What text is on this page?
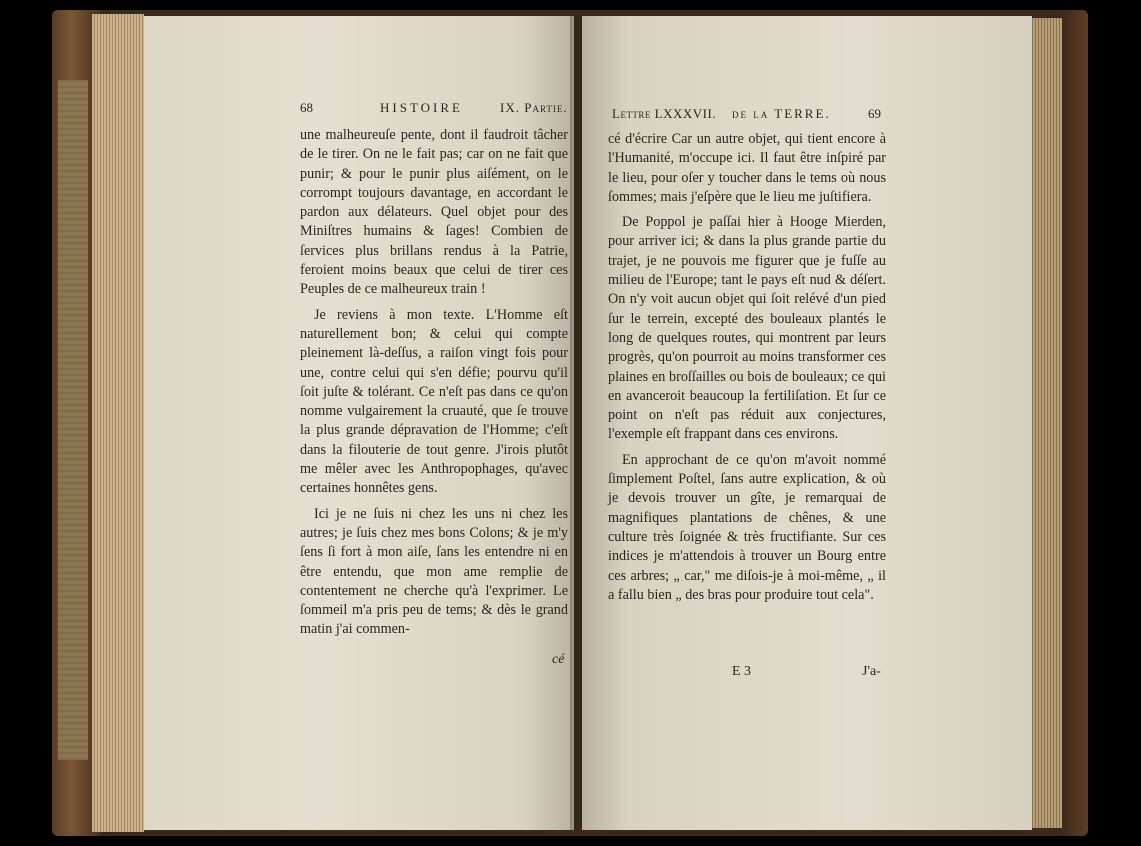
68	HISTOIRE	IX. Partie.

une malheureuſe pente, dont il faudroit tâcher de le tirer. On ne le fait pas; car on ne fait que punir; & pour le punir plus aiſément, on le corrompt toujours davantage, en accordant le pardon aux délateurs. Quel objet pour des Miniſtres humains & ſages! Combien de ſervices plus brillans rendus à la Patrie, feroient moins beaux que celui de tirer ces Peuples de ce malheureux train !

Je reviens à mon texte. L'Homme eſt naturellement bon; & celui qui compte pleinement là-deſſus, a raiſon vingt fois pour une, contre celui qui s'en défie; pourvu qu'il ſoit juſte & tolérant. Ce n'eſt pas dans ce qu'on nomme vulgairement la cruauté, que ſe trouve la plus grande dépravation de l'Homme; c'eſt dans la filouterie de tout genre. J'irois plutôt me mêler avec les Anthropophages, qu'avec certaines honnêtes gens.

Ici je ne ſuis ni chez les uns ni chez les autres; je ſuis chez mes bons Colons; & je m'y ſens ſi fort à mon aiſe, ſans les entendre ni en être entendu, que mon ame remplie de contentement ne cherche qu'à l'exprimer. Le ſommeil m'a pris peu de tems; & dès le grand matin j'ai commen-

cé
Lettre LXXXVII. de la TERRE.	69

cé d'écrire Car un autre objet, qui tient encore à l'Humanité, m'occupe ici. Il faut être inſpiré par le lieu, pour oſer y toucher dans le tems où nous ſommes; mais j'eſpère que le lieu me juſtifiera.

De Poppol je paſſai hier à Hooge Mierden, pour arriver ici; & dans la plus grande partie du trajet, je ne pouvois me figurer que je fuſſe au milieu de l'Europe; tant le pays eſt nud & déſert. On n'y voit aucun objet qui ſoit relévé d'un pied ſur le terrein, excepté des bouleaux plantés le long de quelques routes, qui montrent par leurs progrès, qu'on pourroit au moins transformer ces plaines en broſſailles ou bois de bouleaux; ce qui en avanceroit beaucoup la fertiliſation. Et ſur ce point on n'eſt pas réduit aux conjectures, l'exemple eſt frappant dans ces environs.

En approchant de ce qu'on m'avoit nommé ſimplement Poſtel, ſans autre explication, & où je devois trouver un gîte, je remarquai de magnifiques plantations de chênes, & une culture très ſoignée & très fructifiante. Sur ces indices je m'attendois à trouver un Bourg entre ces arbres; „ car," me diſois-je à moi-même, „ il a fallu bien „ des bras pour produire tout cela".

E 3	J'a-
